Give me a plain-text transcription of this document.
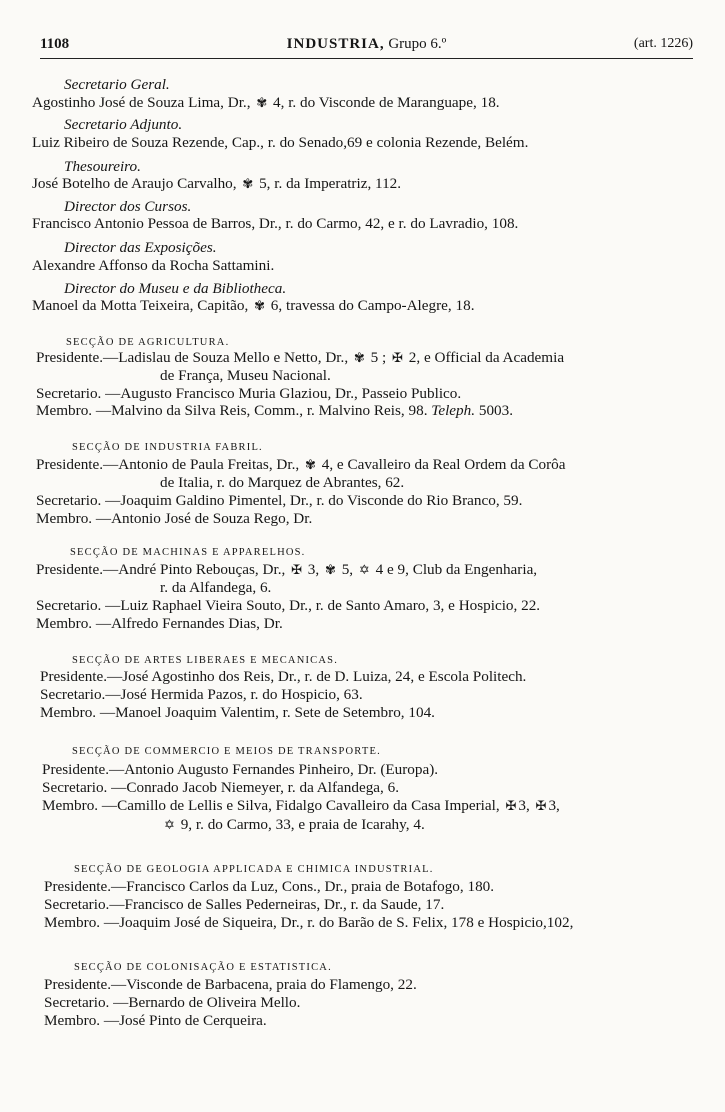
1108	INDUSTRIA, Grupo 6.º	(art. 1226)
Secretario Geral.
Agostinho José de Souza Lima, Dr., ✾ 4, r. do Visconde de Maranguape, 18.
Secretario Adjunto.
Luiz Ribeiro de Souza Rezende, Cap., r. do Senado,69 e colonia Rezende, Belém.
Thesoureiro.
José Botelho de Araujo Carvalho, ✾ 5, r. da Imperatriz, 112.
Director dos Cursos.
Francisco Antonio Pessoa de Barros, Dr., r. do Carmo, 42, e r. do Lavradio, 108.
Director das Exposições.
Alexandre Affonso da Rocha Sattamini.
Director do Museu e da Bibliotheca.
Manoel da Motta Teixeira, Capitão, ✾ 6, travessa do Campo-Alegre, 18.
SECÇÃO DE AGRICULTURA.
Presidente.—Ladislau de Souza Mello e Netto, Dr., ✾ 5 ; ✠ 2, e Official da Academia
de França, Museu Nacional.
Secretario. —Augusto Francisco Muria Glaziou, Dr., Passeio Publico.
Membro. —Malvino da Silva Reis, Comm., r. Malvino Reis, 98. Teleph. 5003.
SECÇÃO DE INDUSTRIA FABRIL.
Presidente.—Antonio de Paula Freitas, Dr., ✾ 4, e Cavalleiro da Real Ordem da Corôa
de Italia, r. do Marquez de Abrantes, 62.
Secretario. —Joaquim Galdino Pimentel, Dr., r. do Visconde do Rio Branco, 59.
Membro. —Antonio José de Souza Rego, Dr.
SECÇÃO DE MACHINAS E APPARELHOS.
Presidente.—André Pinto Rebouças, Dr., ✠ 3, ✾ 5, ✡ 4 e 9, Club da Engenharia,
r. da Alfandega, 6.
Secretario. —Luiz Raphael Vieira Souto, Dr., r. de Santo Amaro, 3, e Hospicio, 22.
Membro. —Alfredo Fernandes Dias, Dr.
SECÇÃO DE ARTES LIBERAES E MECANICAS.
Presidente.—José Agostinho dos Reis, Dr., r. de D. Luiza, 24, e Escola Politech.
Secretario.—José Hermida Pazos, r. do Hospicio, 63.
Membro. —Manoel Joaquim Valentim, r. Sete de Setembro, 104.
SECÇÃO DE COMMERCIO E MEIOS DE TRANSPORTE.
Presidente.—Antonio Augusto Fernandes Pinheiro, Dr. (Europa).
Secretario. —Conrado Jacob Niemeyer, r. da Alfandega, 6.
Membro. —Camillo de Lellis e Silva, Fidalgo Cavalleiro da Casa Imperial, ✠ 3, ✠ 3,
✡ 9, r. do Carmo, 33, e praia de Icarahy, 4.
SECÇÃO DE GEOLOGIA APPLICADA E CHIMICA INDUSTRIAL.
Presidente.—Francisco Carlos da Luz, Cons., Dr., praia de Botafogo, 180.
Secretario.—Francisco de Salles Pederneiras, Dr., r. da Saude, 17.
Membro. —Joaquim José de Siqueira, Dr., r. do Barão de S. Felix, 178 e Hospicio,102,
SECÇÃO DE COLONISAÇÃO E ESTATISTICA.
Presidente.—Visconde de Barbacena, praia do Flamengo, 22.
Secretario. —Bernardo de Oliveira Mello.
Membro. —José Pinto de Cerqueira.
